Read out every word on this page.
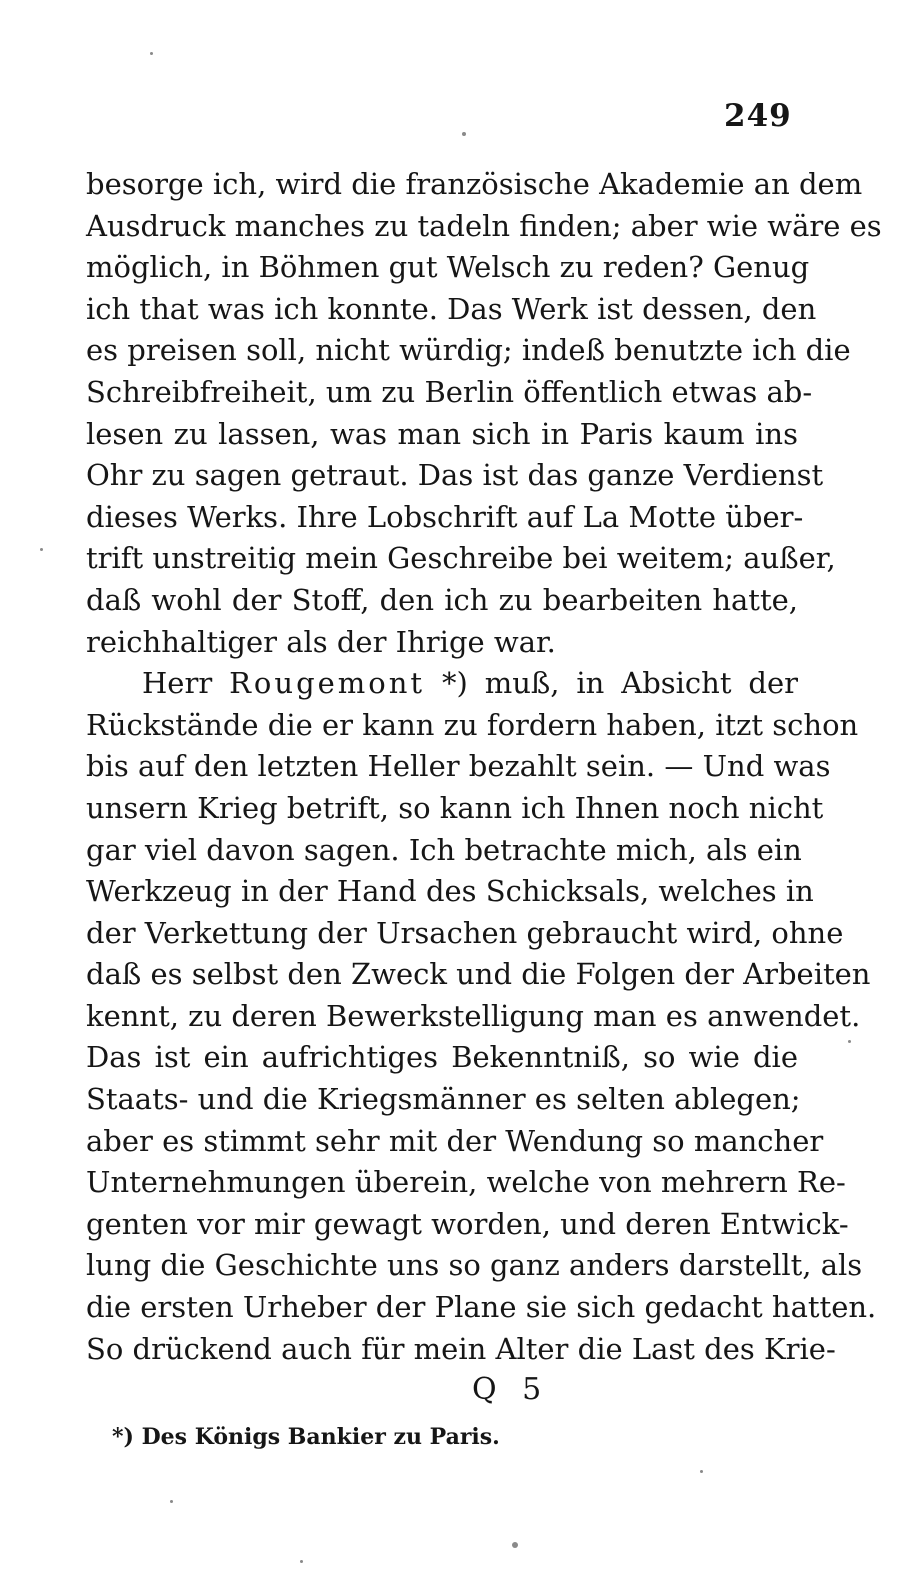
249
besorge ich, wird die französische Akademie an dem
Ausdruck manches zu tadeln finden; aber wie wäre es
möglich, in Böhmen gut Welsch zu reden? Genug
ich that was ich konnte. Das Werk ist dessen, den
es preisen soll, nicht würdig; indeß benutzte ich die
Schreibfreiheit, um zu Berlin öffentlich etwas ab-
lesen zu lassen, was man sich in Paris kaum ins
Ohr zu sagen getraut. Das ist das ganze Verdienst
dieses Werks. Ihre Lobschrift auf La Motte über-
trift unstreitig mein Geschreibe bei weitem; außer,
daß wohl der Stoff, den ich zu bearbeiten hatte,
reichhaltiger als der Ihrige war.
Herr Rougemont *) muß, in Absicht der
Rückstände die er kann zu fordern haben, itzt schon
bis auf den letzten Heller bezahlt sein. — Und was
unsern Krieg betrift, so kann ich Ihnen noch nicht
gar viel davon sagen. Ich betrachte mich, als ein
Werkzeug in der Hand des Schicksals, welches in
der Verkettung der Ursachen gebraucht wird, ohne
daß es selbst den Zweck und die Folgen der Arbeiten
kennt, zu deren Bewerkstelligung man es anwendet.
Das ist ein aufrichtiges Bekenntniß, so wie die
Staats- und die Kriegsmänner es selten ablegen;
aber es stimmt sehr mit der Wendung so mancher
Unternehmungen überein, welche von mehrern Re-
genten vor mir gewagt worden, und deren Entwick-
lung die Geschichte uns so ganz anders darstellt, als
die ersten Urheber der Plane sie sich gedacht hatten.
So drückend auch für mein Alter die Last des Krie-
Q 5
*) Des Königs Bankier zu Paris.
